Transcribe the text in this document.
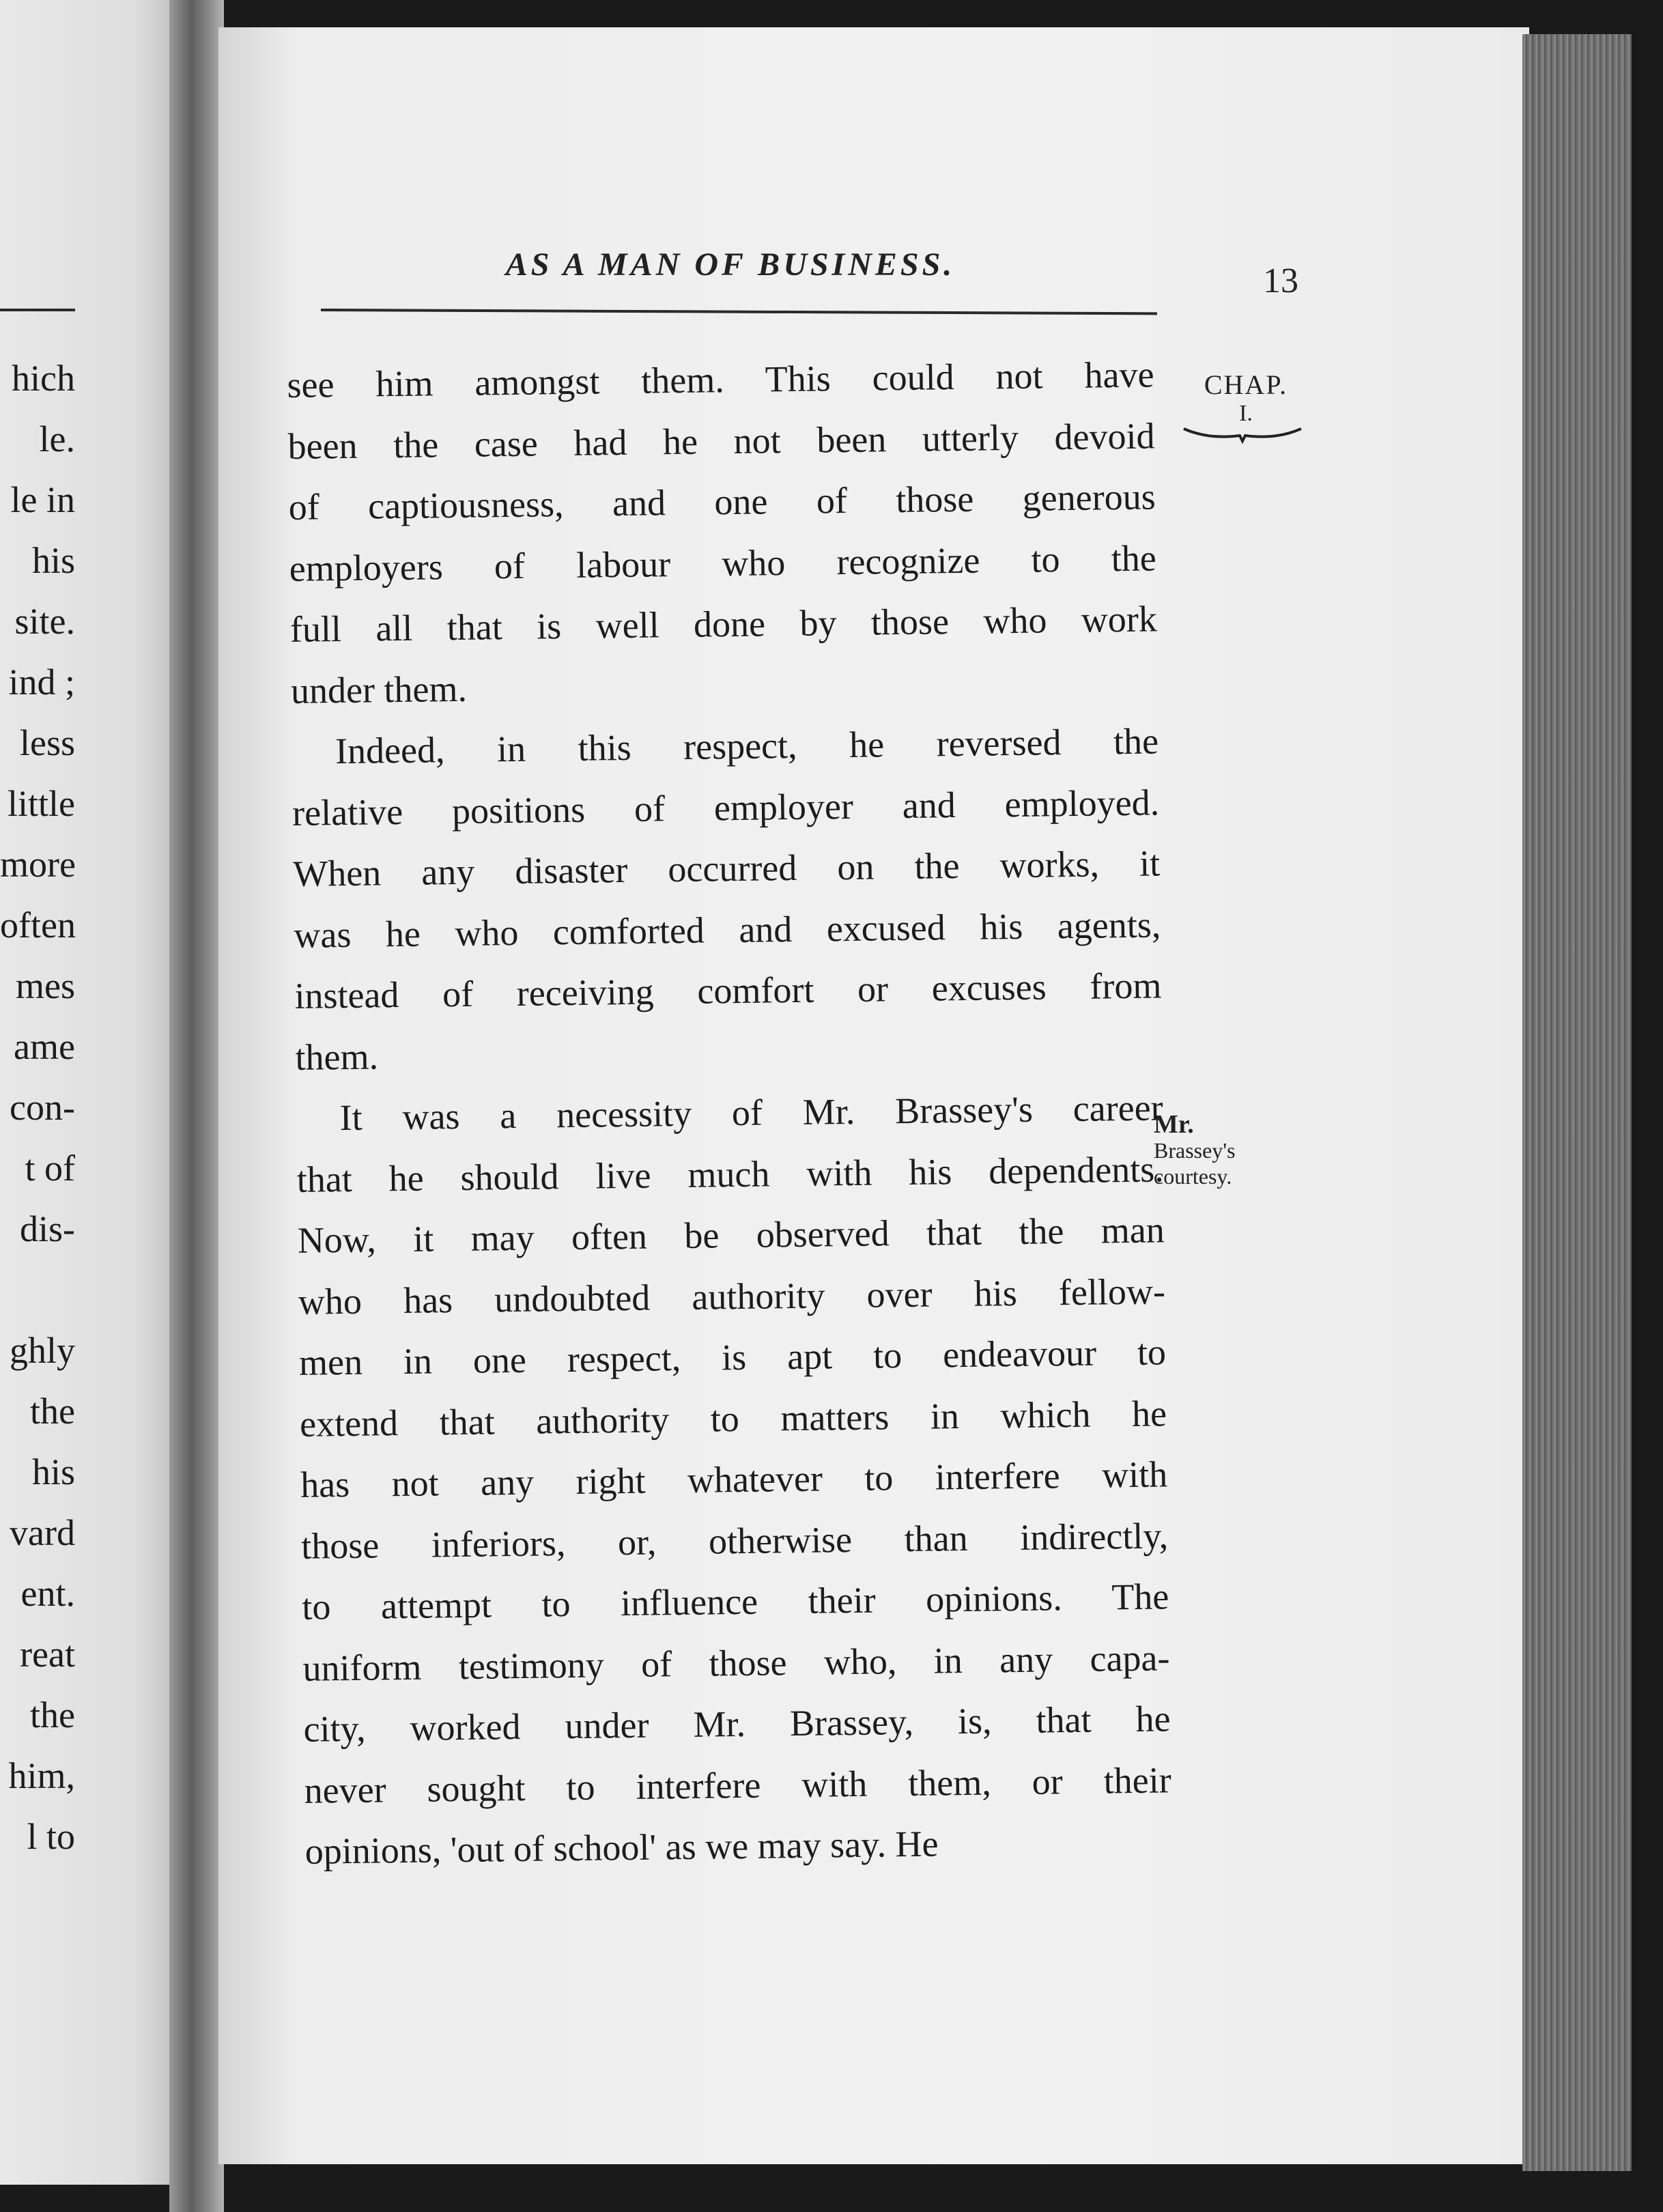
hich
le.
le in
his
site.
ind ;
less
little
more
often
mes
ame
con-
t of
dis-
ghly
the
his
vard
ent.
reat
the
him,
l to
AS A MAN OF BUSINESS.	13

CHAP.
I.
Mr.
Brassey's
courtesy.
see him amongst them. This could not have
been the case had he not been utterly devoid
of captiousness, and one of those generous
employers of labour who recognize to the
full all that is well done by those who work
under them.
Indeed, in this respect, he reversed the
relative positions of employer and employed.
When any disaster occurred on the works, it
was he who comforted and excused his agents,
instead of receiving comfort or excuses from
them.
It was a necessity of Mr. Brassey's career
that he should live much with his dependents.
Now, it may often be observed that the man
who has undoubted authority over his fellow-
men in one respect, is apt to endeavour to
extend that authority to matters in which he
has not any right whatever to interfere with
those inferiors, or, otherwise than indirectly,
to attempt to influence their opinions. The
uniform testimony of those who, in any capa-
city, worked under Mr. Brassey, is, that he
never sought to interfere with them, or their
opinions, 'out of school' as we may say. He
